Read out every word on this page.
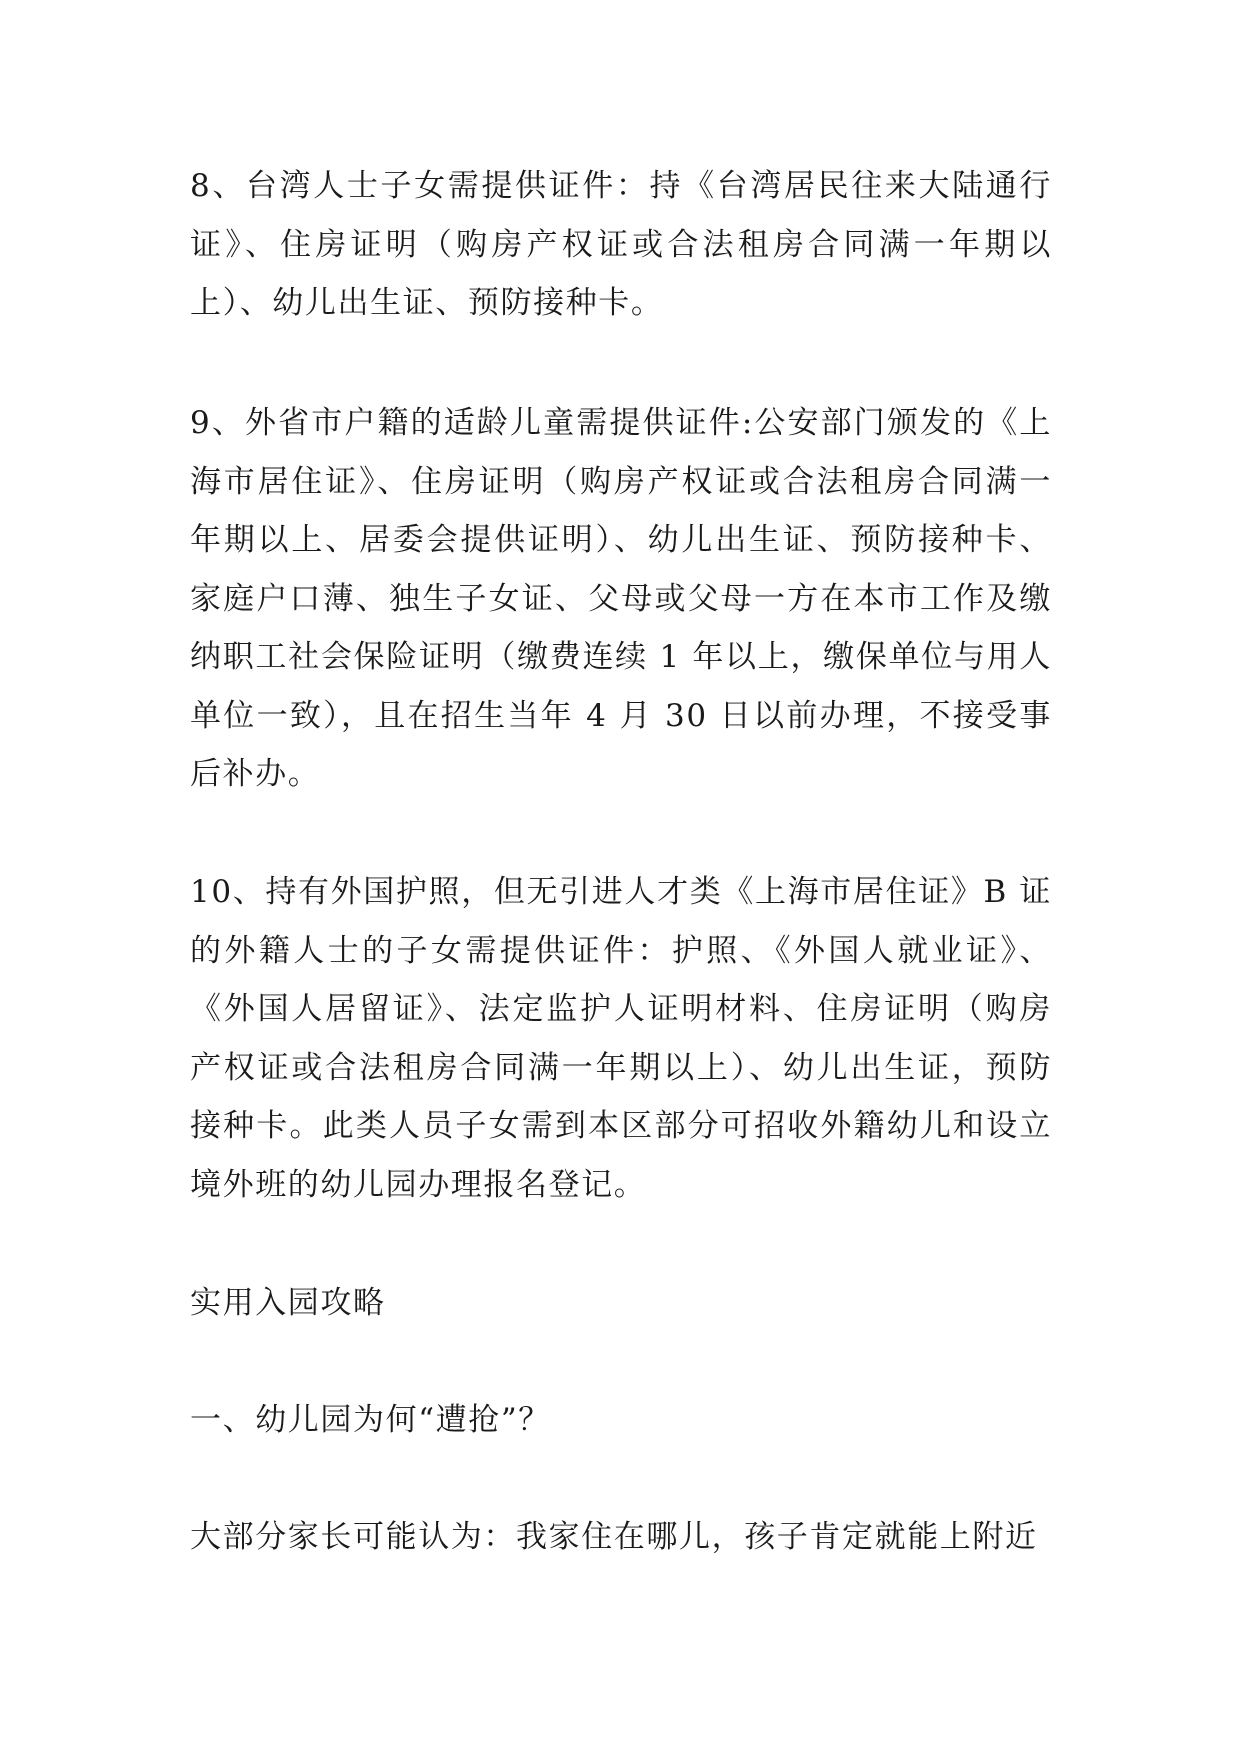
8、台湾人士子女需提供证件：持《台湾居民往来大陆通行证》、住房证明（购房产权证或合法租房合同满一年期以上）、幼儿出生证、预防接种卡。

9、外省市户籍的适龄儿童需提供证件:公安部门颁发的《上海市居住证》、住房证明（购房产权证或合法租房合同满一年期以上、居委会提供证明）、幼儿出生证、预防接种卡、家庭户口薄、独生子女证、父母或父母一方在本市工作及缴纳职工社会保险证明（缴费连续 1 年以上，缴保单位与用人单位一致），且在招生当年 4 月 30 日以前办理，不接受事后补办。

10、持有外国护照，但无引进人才类《上海市居住证》B 证的外籍人士的子女需提供证件：护照、《外国人就业证》、《外国人居留证》、法定监护人证明材料、住房证明（购房产权证或合法租房合同满一年期以上）、幼儿出生证，预防接种卡。此类人员子女需到本区部分可招收外籍幼儿和设立境外班的幼儿园办理报名登记。

实用入园攻略

一、幼儿园为何“遭抢”？

大部分家长可能认为：我家住在哪儿，孩子肯定就能上附近
